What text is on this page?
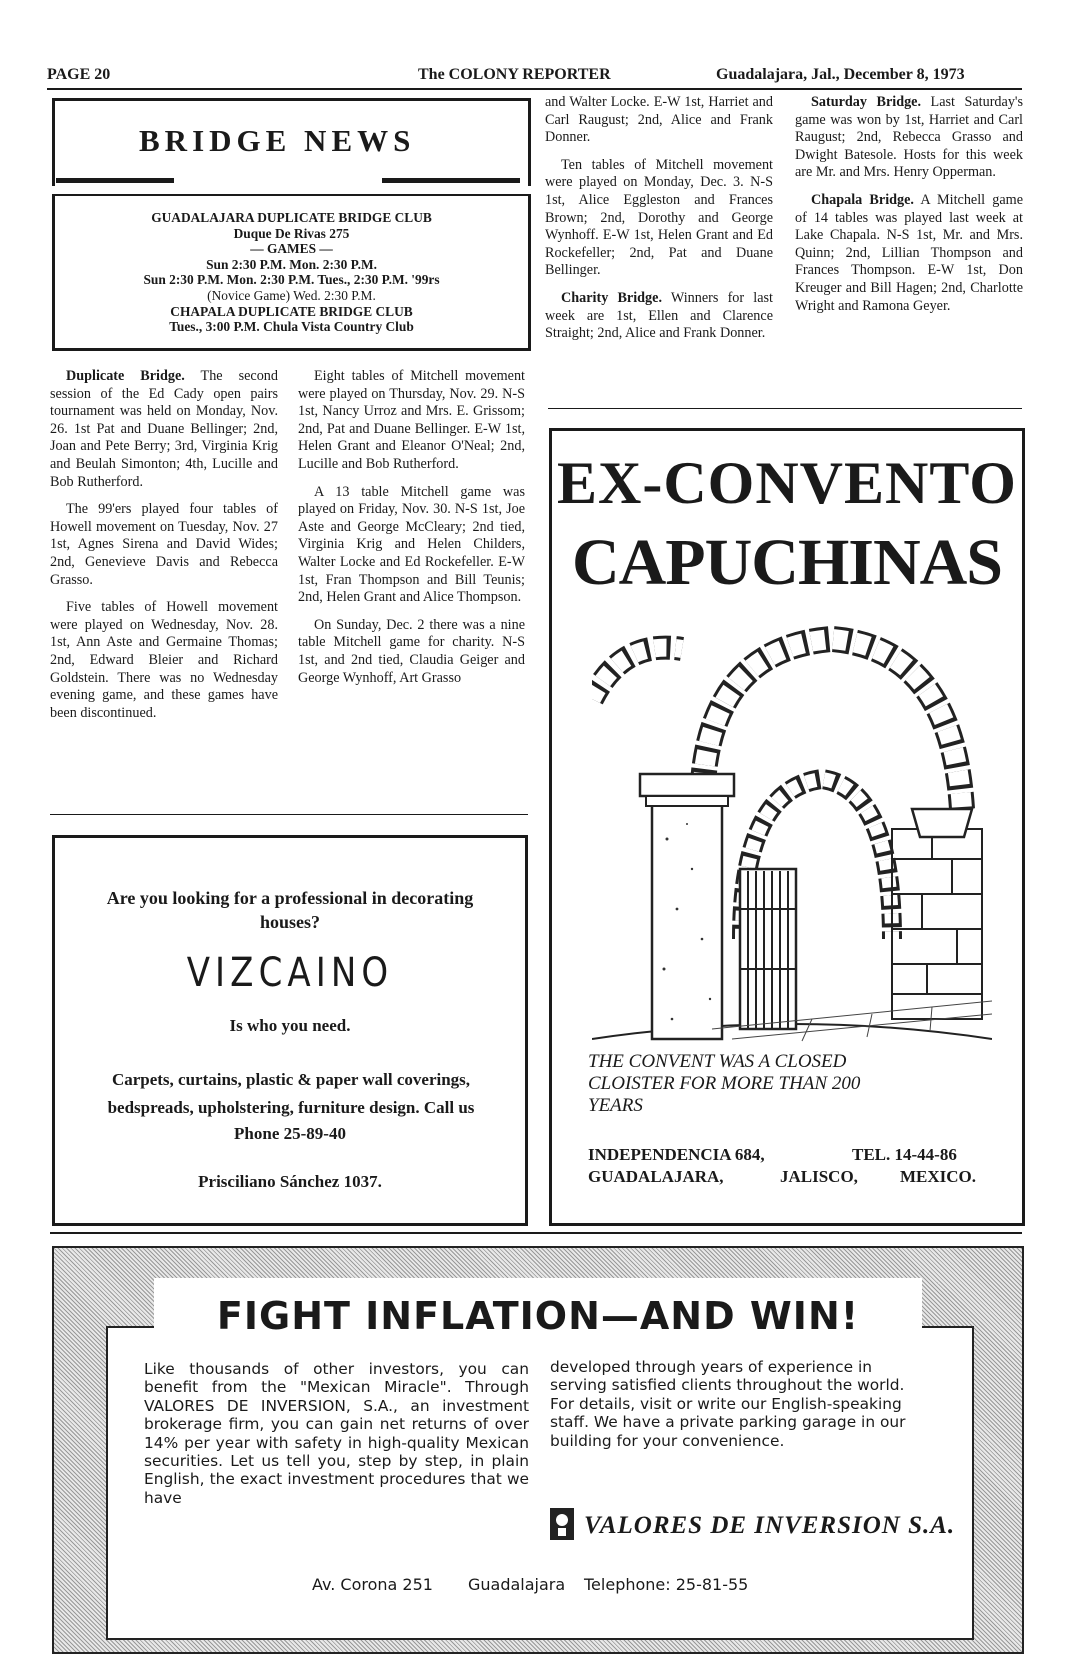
PAGE 20	The COLONY REPORTER	Guadalajara, Jal., December 8, 1973
BRIDGE NEWS
GUADALAJARA DUPLICATE BRIDGE CLUB
Duque De Rivas 275
— GAMES —
Sun 2:30 P.M. Mon. 2:30 P.M.
Sun 2:30 P.M. Mon. 2:30 P.M. Tues., 2:30 P.M. '99rs
(Novice Game) Wed. 2:30 P.M.
CHAPALA DUPLICATE BRIDGE CLUB
Tues., 3:00 P.M. Chula Vista Country Club

Duplicate Bridge. The second session of the Ed Cady open pairs tournament was held on Monday, Nov. 26. 1st Pat and Duane Bellinger; 2nd, Joan and Pete Berry; 3rd, Virginia Krig and Beulah Simonton; 4th, Lucille and Bob Rutherford.

The 99'ers played four tables of Howell movement on Tuesday, Nov. 27 1st, Agnes Sirena and David Wides; 2nd, Genevieve Davis and Rebecca Grasso.

Five tables of Howell movement were played on Wednesday, Nov. 28. 1st, Ann Aste and Germaine Thomas; 2nd, Edward Bleier and Richard Goldstein. There was no Wednesday evening game, and these games have been discontinued.

Eight tables of Mitchell movement were played on Thursday, Nov. 29. N-S 1st, Nancy Urroz and Mrs. E. Grissom; 2nd, Pat and Duane Bellinger. E-W 1st, Helen Grant and Eleanor O'Neal; 2nd, Lucille and Bob Rutherford.

A 13 table Mitchell game was played on Friday, Nov. 30. N-S 1st, Joe Aste and George McCleary; 2nd tied, Virginia Krig and Helen Childers, Walter Locke and Ed Rockefeller. E-W 1st, Fran Thompson and Bill Teunis; 2nd, Helen Grant and Alice Thompson.

On Sunday, Dec. 2 there was a nine table Mitchell game for charity. N-S 1st, and 2nd tied, Claudia Geiger and George Wynhoff, Art Grasso

and Walter Locke. E-W 1st, Harriet and Carl Raugust; 2nd, Alice and Frank Donner.

Ten tables of Mitchell movement were played on Monday, Dec. 3. N-S 1st, Alice Eggleston and Frances Brown; 2nd, Dorothy and George Wynhoff. E-W 1st, Helen Grant and Ed Rockefeller; 2nd, Pat and Duane Bellinger.

Charity Bridge. Winners for last week are 1st, Ellen and Clarence Straight; 2nd, Alice and Frank Donner.

Saturday Bridge. Last Saturday's game was won by 1st, Harriet and Carl Raugust; 2nd, Rebecca Grasso and Dwight Batesole. Hosts for this week are Mr. and Mrs. Henry Opperman.

Chapala Bridge. A Mitchell game of 14 tables was played last week at Lake Chapala. N-S 1st, Mr. and Mrs. Quinn; 2nd, Lillian Thompson and Frances Thompson. E-W 1st, Don Kreuger and Bill Hagen; 2nd, Charlotte Wright and Ramona Geyer.

Are you looking for a professional in decorating houses?
VIZCAINO
Is who you need.
Carpets, curtains, plastic & paper wall coverings, bedspreads, upholstering, furniture design. Call us
Phone 25-89-40
Prisciliano Sánchez 1037.
EX-CONVENTO
CAPUCHINAS
THE CONVENT WAS A CLOSED CLOISTER FOR MORE THAN 200 YEARS
INDEPENDENCIA 684,	TEL. 14-44-86
GUADALAJARA,	JALISCO, MEXICO.
FIGHT INFLATION—AND WIN!
Like thousands of other investors, you can benefit from the "Mexican Miracle". Through VALORES DE INVERSION, S.A., an investment brokerage firm, you can gain net returns of over 14% per year with safety in high-quality Mexican securities. Let us tell you, step by step, in plain English, the exact investment procedures that we have
developed through years of experience in serving satisfied clients throughout the world. For details, visit or write our English-speaking staff. We have a private parking garage in our building for your convenience.
VALORES DE INVERSION S.A.
Av. Corona 251 Guadalajara Telephone: 25-81-55
